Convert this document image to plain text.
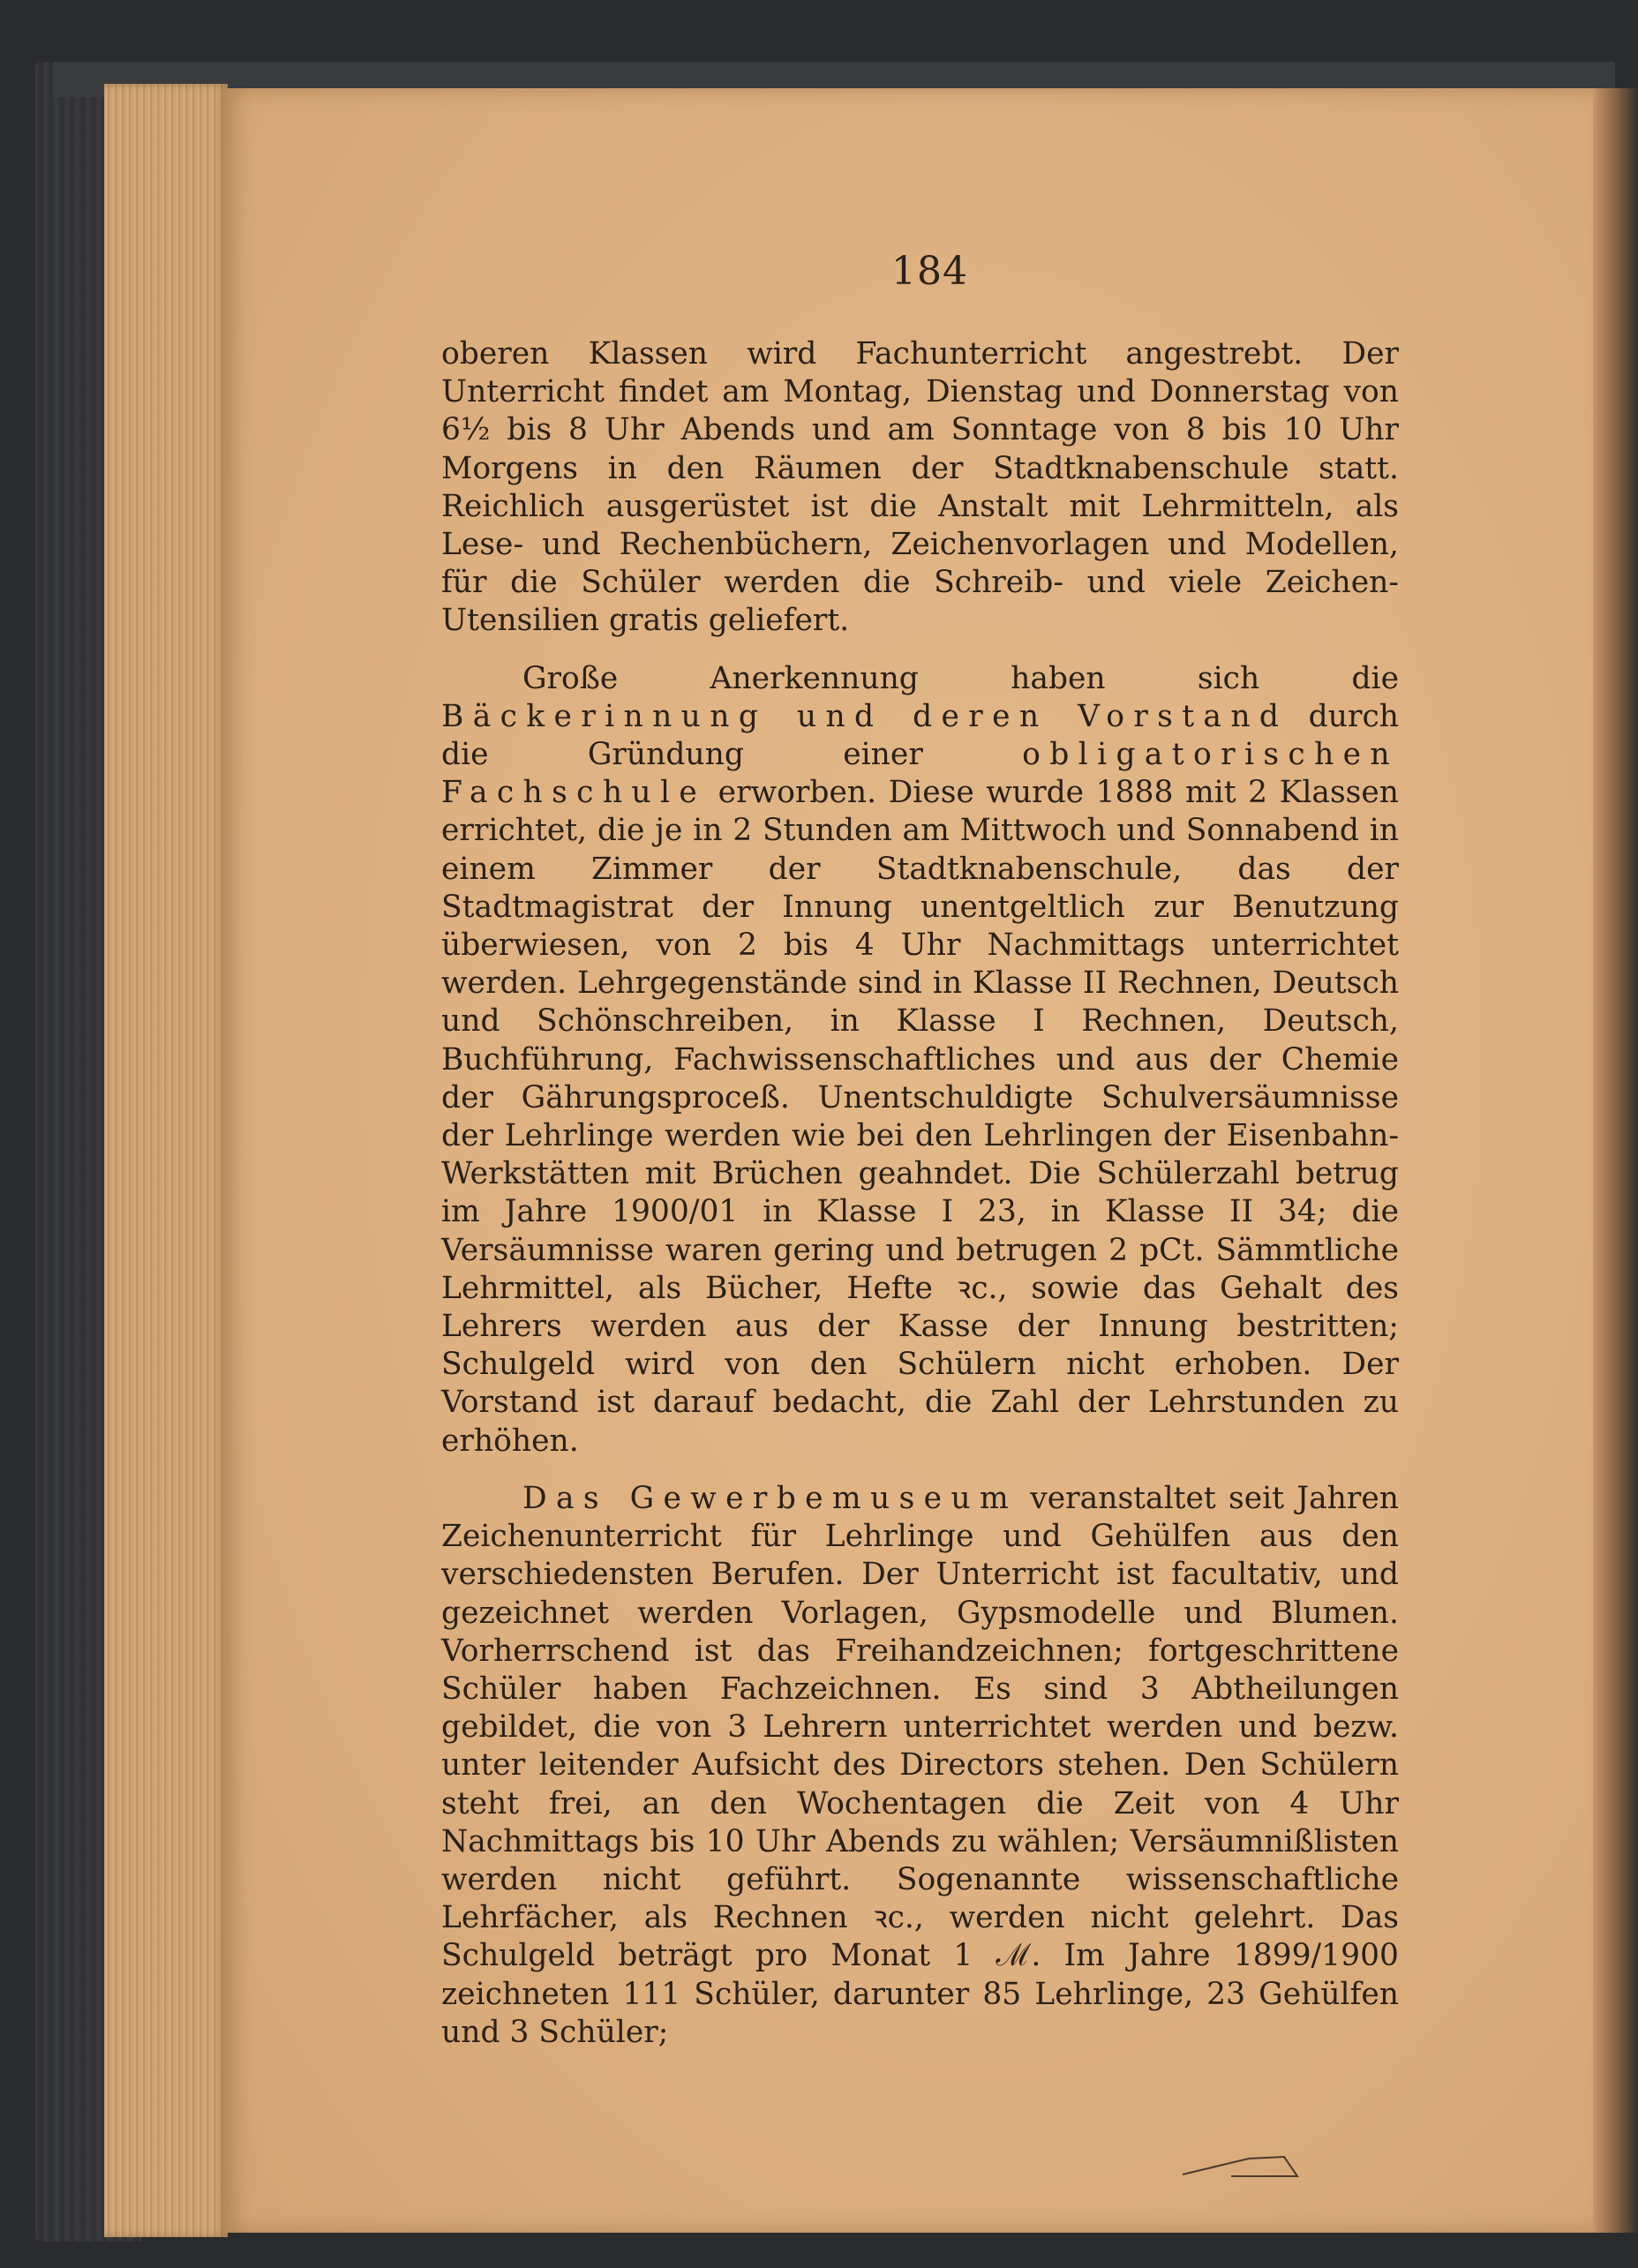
184

oberen Klassen wird Fachunterricht angestrebt. Der Unterricht findet am Montag, Dienstag und Donnerstag von 6½ bis 8 Uhr Abends und am Sonntage von 8 bis 10 Uhr Morgens in den Räumen der Stadtknabenschule statt. Reichlich ausgerüstet ist die Anstalt mit Lehrmitteln, als Lese- und Rechenbüchern, Zeichenvorlagen und Modellen, für die Schüler werden die Schreib- und viele Zeichen-Utensilien gratis geliefert.

Große Anerkennung haben sich die Bäckerinnung und deren Vorstand durch die Gründung einer obligatorischen Fachschule erworben. Diese wurde 1888 mit 2 Klassen errichtet, die je in 2 Stunden am Mittwoch und Sonnabend in einem Zimmer der Stadtknabenschule, das der Stadtmagistrat der Innung unentgeltlich zur Benutzung überwiesen, von 2 bis 4 Uhr Nachmittags unterrichtet werden. Lehrgegenstände sind in Klasse II Rechnen, Deutsch und Schönschreiben, in Klasse I Rechnen, Deutsch, Buchführung, Fachwissenschaftliches und aus der Chemie der Gährungsproceß. Unentschuldigte Schulversäumnisse der Lehrlinge werden wie bei den Lehrlingen der Eisenbahn-Werkstätten mit Brüchen geahndet. Die Schülerzahl betrug im Jahre 1900/01 in Klasse I 23, in Klasse II 34; die Versäumnisse waren gering und betrugen 2 pCt. Sämmtliche Lehrmittel, als Bücher, Hefte ꝛc., sowie das Gehalt des Lehrers werden aus der Kasse der Innung bestritten; Schulgeld wird von den Schülern nicht erhoben. Der Vorstand ist darauf bedacht, die Zahl der Lehrstunden zu erhöhen.

Das Gewerbemuseum veranstaltet seit Jahren Zeichenunterricht für Lehrlinge und Gehülfen aus den verschiedensten Berufen. Der Unterricht ist facultativ, und gezeichnet werden Vorlagen, Gypsmodelle und Blumen. Vorherrschend ist das Freihandzeichnen; fortgeschrittene Schüler haben Fachzeichnen. Es sind 3 Abtheilungen gebildet, die von 3 Lehrern unterrichtet werden und bezw. unter leitender Aufsicht des Directors stehen. Den Schülern steht frei, an den Wochentagen die Zeit von 4 Uhr Nachmittags bis 10 Uhr Abends zu wählen; Versäumnißlisten werden nicht geführt. Sogenannte wissenschaftliche Lehrfächer, als Rechnen ꝛc., werden nicht gelehrt. Das Schulgeld beträgt pro Monat 1 ℳ. Im Jahre 1899/1900 zeichneten 111 Schüler, darunter 85 Lehrlinge, 23 Gehülfen und 3 Schüler;
